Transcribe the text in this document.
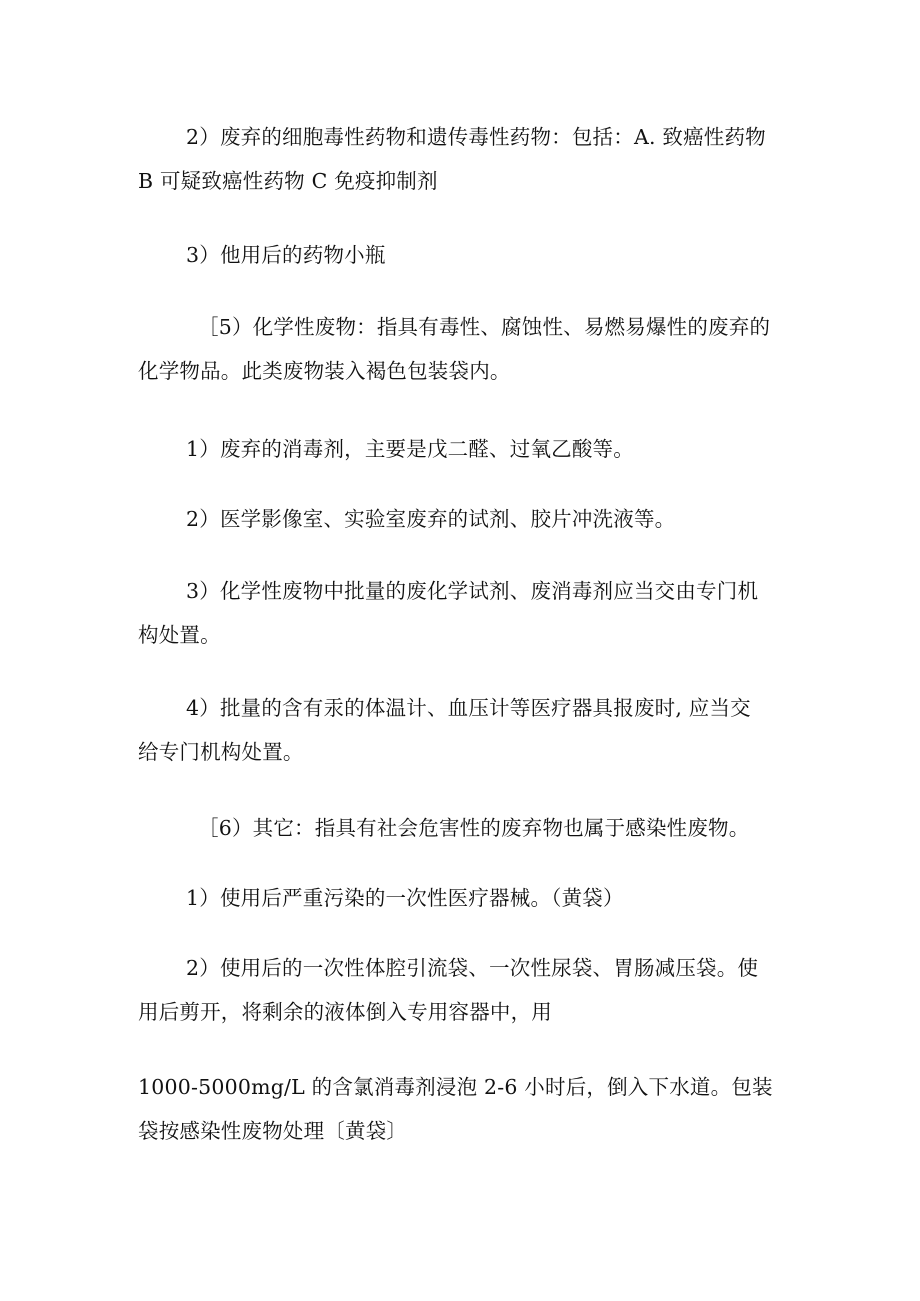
2）废弃的细胞毒性药物和遗传毒性药物：包括：A. 致癌性药物
B 可疑致癌性药物 C 免疫抑制剂

3）他用后的药物小瓶

［5）化学性废物：指具有毒性、腐蚀性、易燃易爆性的废弃的
化学物品。此类废物装入褐色包装袋内。

1）废弃的消毒剂，主要是戊二醛、过氧乙酸等。

2）医学影像室、实验室废弃的试剂、胶片冲洗液等。

3）化学性废物中批量的废化学试剂、废消毒剂应当交由专门机
构处置。

4）批量的含有汞的体温计、血压计等医疗器具报废时, 应当交
给专门机构处置。

［6）其它：指具有社会危害性的废弃物也属于感染性废物。

1）使用后严重污染的一次性医疗器械。（黄袋）

2）使用后的一次性体腔引流袋、一次性尿袋、胃肠减压袋。使
用后剪开，将剩余的液体倒入专用容器中，用

1000-5000mg/L 的含氯消毒剂浸泡 2-6 小时后，倒入下水道。包装
袋按感染性废物处理〔黄袋〕
